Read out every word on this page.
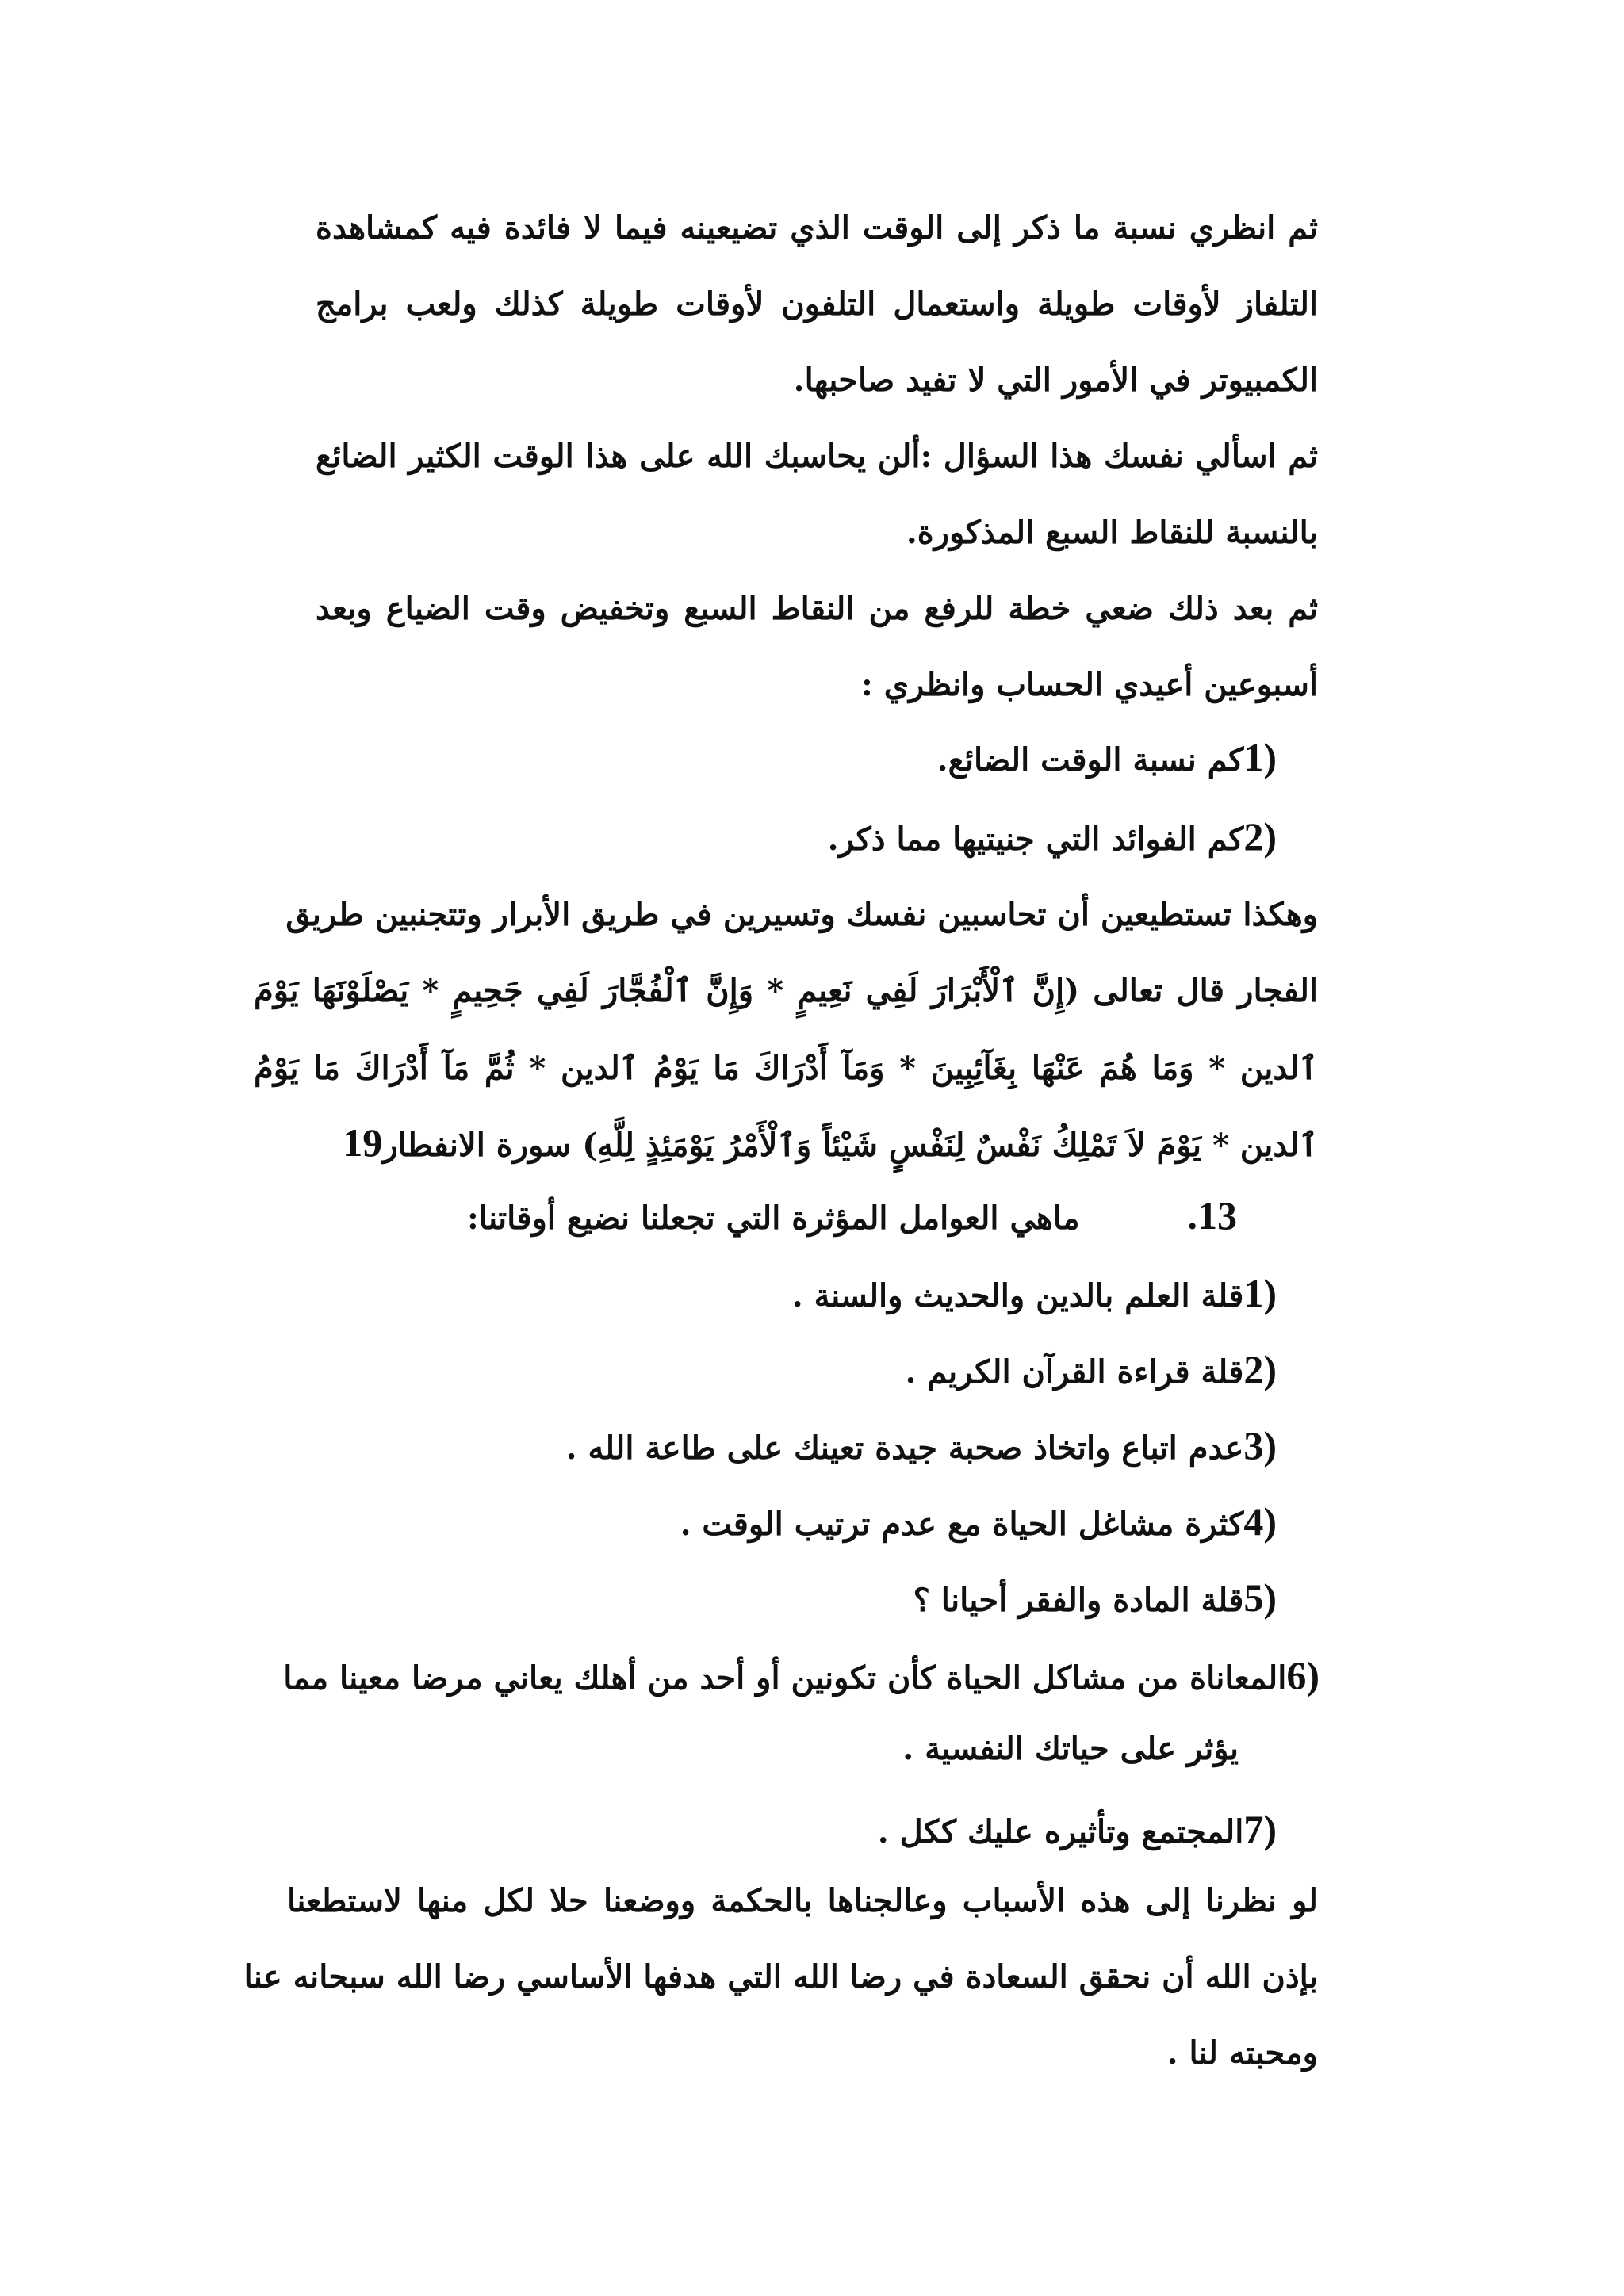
ثم انظري نسبة ما ذكر إلى الوقت الذي تضيعينه فيما لا فائدة فيه كمشاهدة
التلفاز لأوقات طويلة واستعمال التلفون لأوقات طويلة كذلك ولعب برامج
الكمبيوتر في الأمور التي لا تفيد صاحبها.
ثم اسألي نفسك هذا السؤال :ألن يحاسبك الله على هذا الوقت الكثير الضائع
بالنسبة للنقاط السبع المذكورة.
ثم بعد ذلك ضعي خطة للرفع من النقاط السبع وتخفيض وقت الضياع وبعد
أسبوعين أعيدي الحساب وانظري :
1)كم نسبة الوقت الضائع.
2)كم الفوائد التي جنيتيها مما ذكر.
وهكذا تستطيعين أن تحاسبين نفسك وتسيرين في طريق الأبرار وتتجنبين طريق
الفجار قال تعالى (إِنَّ ٱلْأَبْرَارَ لَفِي نَعِيمٍ * وَإِنَّ ٱلْفُجَّارَ لَفِي جَحِيمٍ * يَصْلَوْنَهَا يَوْمَ
ٱلدين * وَمَا هُمَ عَنْهَا بِغَآئِبِينَ * وَمَآ أَدْرَاكَ مَا يَوْمُ ٱلدين * ثُمَّ مَآ أَدْرَاكَ مَا يَوْمُ
ٱلدين * يَوْمَ لاَ تَمْلِكُ نَفْسٌ لِنَفْسٍ شَيْئاً وَٱلْأَمْرُ يَوْمَئِذٍ لِلَّهِ) سورة الانفطار19
13.ماهي العوامل المؤثرة التي تجعلنا نضيع أوقاتنا:
1)قلة العلم بالدين والحديث والسنة .
2)قلة قراءة القرآن الكريم .
3)عدم اتباع واتخاذ صحبة جيدة تعينك على طاعة الله .
4)كثرة مشاغل الحياة مع عدم ترتيب الوقت .
5)قلة المادة والفقر أحيانا ؟
6)المعاناة من مشاكل الحياة كأن تكونين أو أحد من أهلك يعاني مرضا معينا مما
يؤثر على حياتك النفسية .
7)المجتمع وتأثيره عليك ككل .
لو نظرنا إلى هذه الأسباب وعالجناها بالحكمة ووضعنا حلا لكل منها لاستطعنا
بإذن الله أن نحقق السعادة في رضا الله التي هدفها الأساسي رضا الله سبحانه عنا
ومحبته لنا .
